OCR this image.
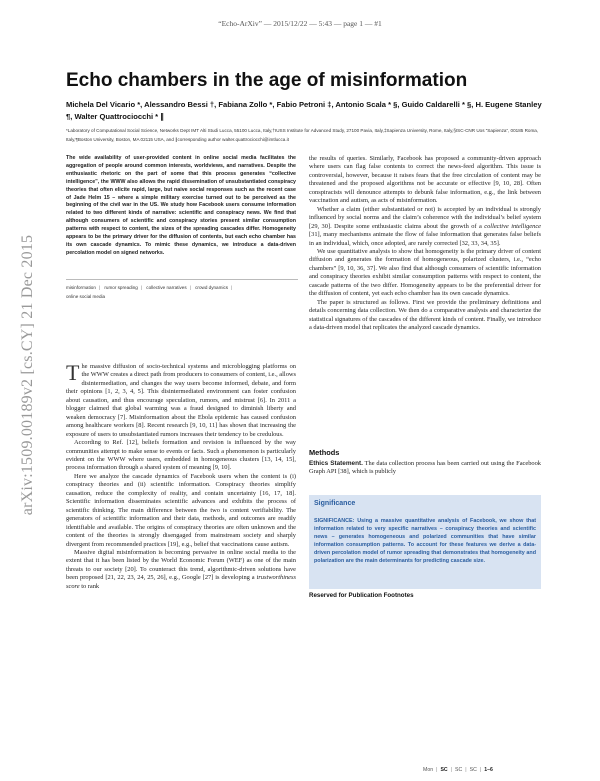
“Echo-ArXiv” — 2015/12/22 — 5:43 — page 1 — #1
arXiv:1509.00189v2 [cs.CY] 21 Dec 2015
Echo chambers in the age of misinformation
Michela Del Vicario *, Alessandro Bessi †, Fabiana Zollo *, Fabio Petroni ‡, Antonio Scala * §, Guido Caldarelli * §, H. Eugene Stanley ¶, Walter Quattrociocchi * ∥
*Laboratory of Computational Social Science, Networks Dept IMT Alti Studi Lucca, 55100 Lucca, Italy,†IUSS Institute for Advanced Study, 27100 Pavia, Italy,‡Sapienza University, Rome, Italy,§ISC-CNR Uos “Sapienza”, 00185 Roma, Italy,¶Boston University, Boston, MA 02115 USA, and ∥corresponding author walter.quattrociocchi@imtlucca.it
The wide availability of user-provided content in online social media facilitates the aggregation of people around common interests, worldviews, and narratives. Despite the enthusiastic rhetoric on the part of some that this process generates “collective intelligence”, the WWW also allows the rapid dissemination of unsubstantiated conspiracy theories that often elicite rapid, large, but naive social responses such as the recent case of Jade Helm 15 – where a simple military exercise turned out to be perceived as the beginning of the civil war in the US. We study how Facebook users consume information related to two different kinds of narrative: scientific and conspiracy news. We find that although consumers of scientific and conspiracy stories present similar consumption patterns with respect to content, the sizes of the spreading cascades differ. Homogeneity appears to be the primary driver for the diffusion of contents, but each echo chamber has its own cascade dynamics. To mimic these dynamics, we introduce a data-driven percolation model on signed networks.
misinformation | rumor spreading | collective narratives | crowd dynamics |
online social media

The massive diffusion of socio-technical systems and microblogging platforms on the WWW creates a direct path from producers to consumers of content, i.e., allows disintermediation, and changes the way users become informed, debate, and form their opinions [1, 2, 3, 4, 5]. This disintermediated environment can foster confusion about causation, and thus encourage speculation, rumors, and mistrust [6]. In 2011 a blogger claimed that global warming was a fraud designed to diminish liberty and weaken democracy [7]. Misinformation about the Ebola epidemic has caused confusion among healthcare workers [8]. Recent research [9, 10, 11] has shown that increasing the exposure of users to unsubstantiated rumors increases their tendency to be credulous.

According to Ref. [12], beliefs formation and revision is influenced by the way communities attempt to make sense to events or facts. Such a phenomenon is particularly evident on the WWW where users, embedded in homogeneous clusters [13, 14, 15], process information through a shared system of meaning [9, 10].

Here we analyze the cascade dynamics of Facebook users when the content is (i) conspiracy theories and (ii) scientific information. Conspiracy theories simplify causation, reduce the complexity of reality, and contain uncertainty [16, 17, 18]. Scientific information disseminates scientific advances and exhibits the process of scientific thinking. The main difference between the two is content verifiability. The generators of scientific information and their data, methods, and outcomes are readily identifiable and available. The origins of conspiracy theories are often unknown and the content of the theories is strongly disengaged from mainstream society and sharply divergent from recommended practices [19], e.g., belief that vaccinations cause autism.

Massive digital misinformation is becoming pervasive in online social media to the extent that it has been listed by the World Economic Forum (WEF) as one of the main threats to our society [20]. To counteract this trend, algorithmic-driven solutions have been proposed [21, 22, 23, 24, 25, 26], e.g., Google [27] is developing a trustworthiness score to rank

the results of queries. Similarly, Facebook has proposed a community-driven approach where users can flag false contents to correct the news-feed algorithm. This issue is controversial, however, because it raises fears that the free circulation of content may be threatened and the proposed algorithms not be accurate or effective [9, 10, 28]. Often conspiracists will denounce attempts to debunk false information, e.g., the link between vaccination and autism, as acts of misinformation.

Whether a claim (either substantiated or not) is accepted by an individual is strongly influenced by social norms and the claim’s coherence with the individual’s belief system [29, 30]. Despite some enthusiastic claims about the growth of a collective intelligence [31], many mechanisms animate the flow of false information that generates false beliefs in an individual, which, once adopted, are rarely corrected [32, 33, 34, 35].

We use quantitative analysis to show that homogeneity is the primary driver of content diffusion and generates the formation of homogeneous, polarized clusters, i.e., “echo chambers” [9, 10, 36, 37]. We also find that although consumers of scientific information and conspiracy theories exhibit similar consumption patterns with respect to content, the cascade patterns of the two differ. Homogeneity appears to be the preferential driver for the diffusion of content, yet each echo chamber has its own cascade dynamics.

The paper is structured as follows. First we provide the preliminary definitions and details concerning data collection. We then do a comparative analysis and characterize the statistical signatures of the cascades of the different kinds of content. Finally, we introduce a data-driven model that replicates the analyzed cascade dynamics.

Methods
Ethics Statement. The data collection process has been carried out using the Facebook Graph API [38], which is publicly
Significance
SIGNIFICANCE: Using a massive quantitative analysis of Facebook, we show that information related to very specific narratives – conspiracy theories and scientific news – generates homogeneous and polarized communities that have similar information consumption patterns. To account for these features we derive a data-driven percolation model of rumor spreading that demonstrates that homogeneity and polarization are the main determinants for predicting cascade size.
Reserved for Publication Footnotes
Mon | SC | SC | SC | 1–6
